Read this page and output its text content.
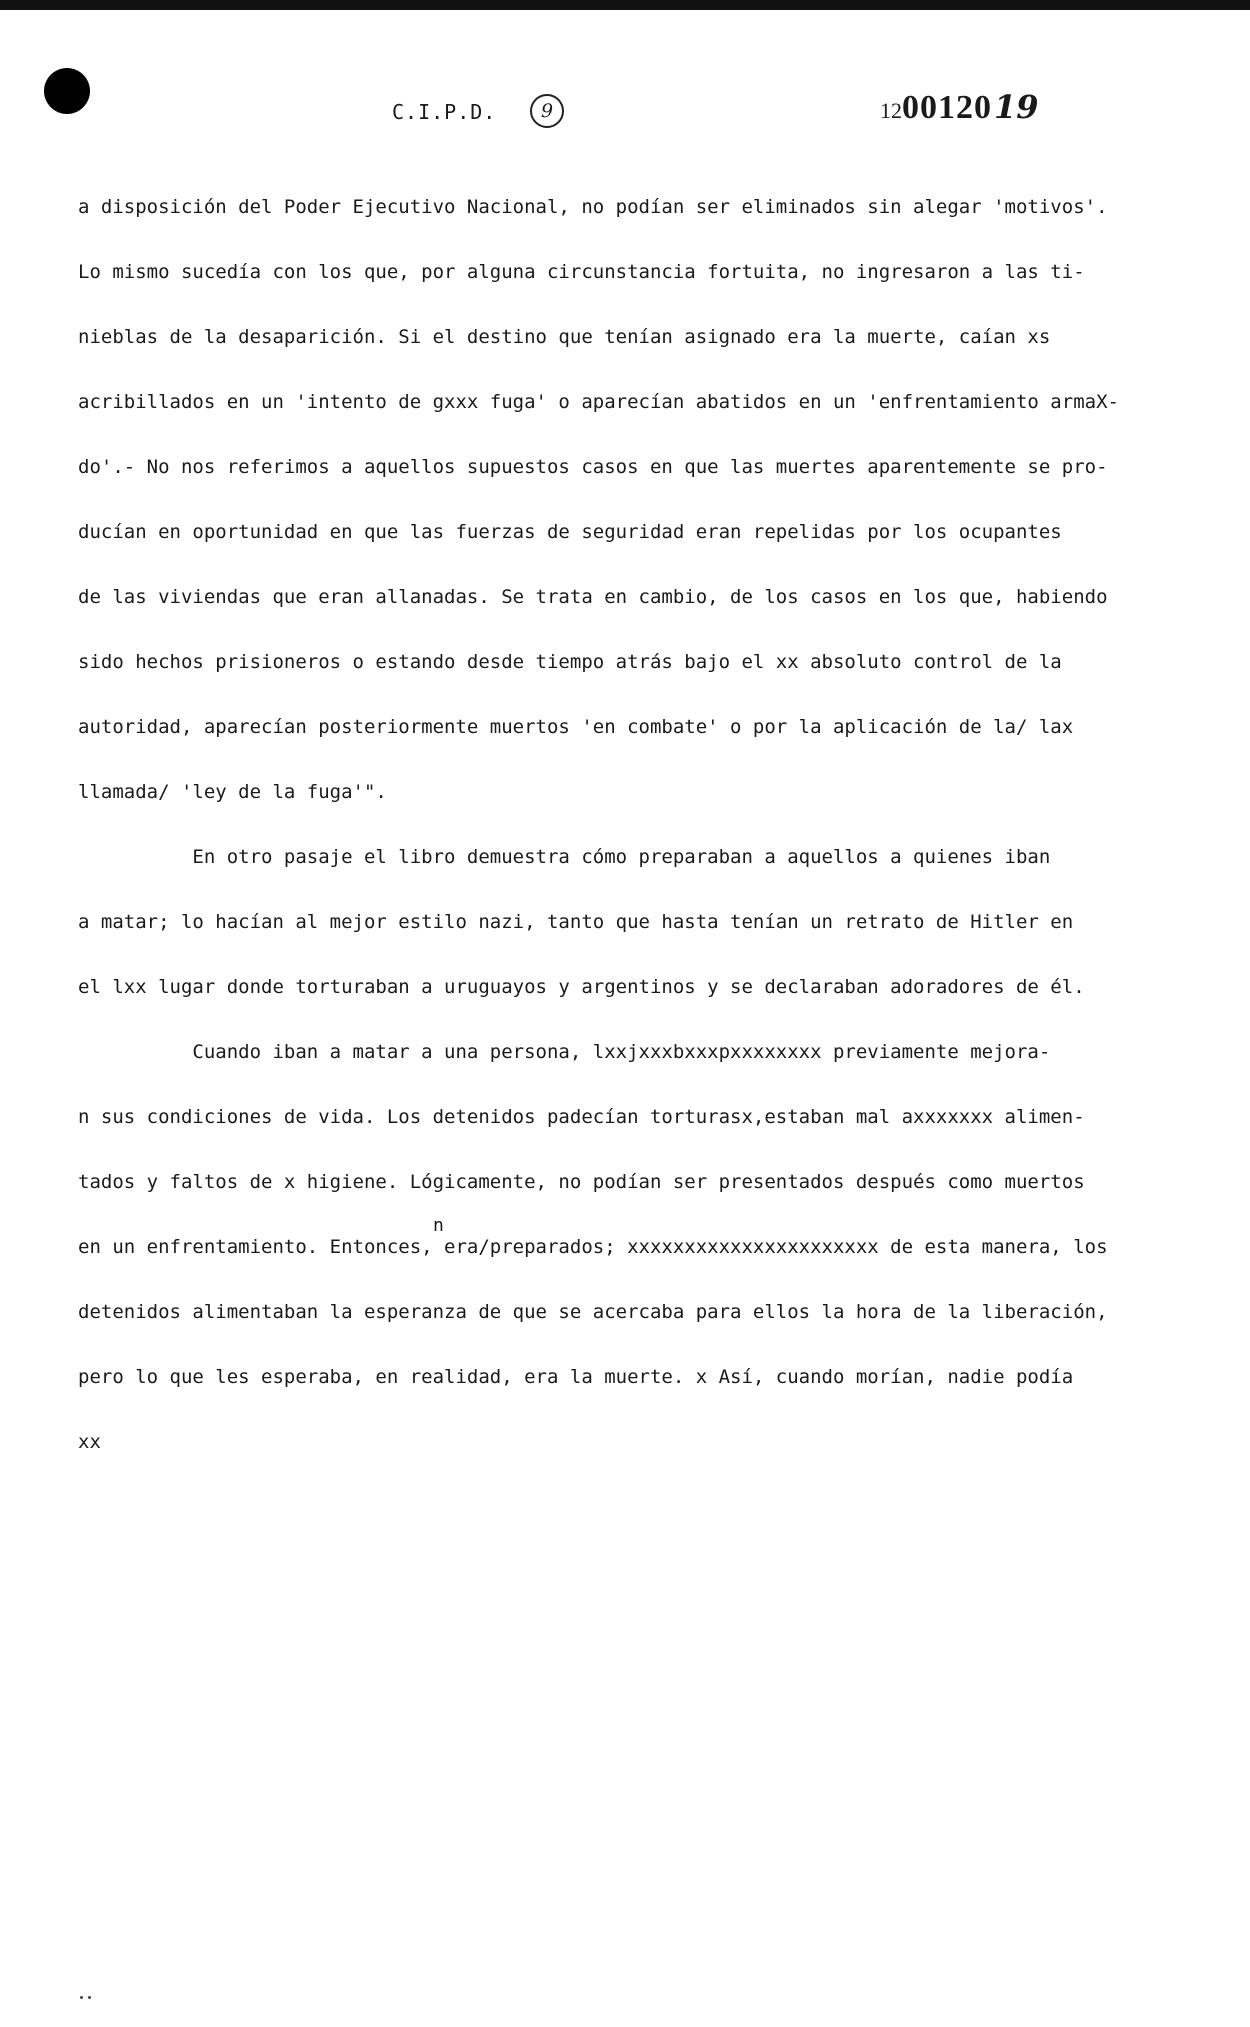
C.I.P.D.	9	120012019
a disposición del Poder Ejecutivo Nacional, no podían ser eliminados sin alegar 'motivos'.
Lo mismo sucedía con los que, por alguna circunstancia fortuita, no ingresaron a las ti-
nieblas de la desaparición. Si el destino que tenían asignado era la muerte, caían xs
acribillados en un 'intento de gxxx fuga' o aparecían abatidos en un 'enfrentamiento armaX-
do'.- No nos referimos a aquellos supuestos casos en que las muertes aparentemente se pro-
ducían en oportunidad en que las fuerzas de seguridad eran repelidas por los ocupantes
de las viviendas que eran allanadas. Se trata en cambio, de los casos en los que, habiendo
sido hechos prisioneros o estando desde tiempo atrás bajo el xx absoluto control de la
autoridad, aparecían posteriormente muertos 'en combate' o por la aplicación de la/ lax
llamada/ 'ley de la fuga'".
En otro pasaje el libro demuestra cómo preparaban a aquellos a quienes iban
a matar; lo hacían al mejor estilo nazi, tanto que hasta tenían un retrato de Hitler en
el lxx lugar donde torturaban a uruguayos y argentinos y se declaraban adoradores de él.
Cuando iban a matar a una persona, lxxjxxxbxxxpxxxxxxxx previamente mejora-
n sus condiciones de vida. Los detenidos padecían torturasx,estaban mal axxxxxxx alimen-
tados y faltos de x higiene. Lógicamente, no podían ser presentados después como muertos
n
en un enfrentamiento. Entonces, era/preparados; xxxxxxxxxxxxxxxxxxxxxx de esta manera, los
detenidos alimentaban la esperanza de que se acercaba para ellos la hora de la liberación,
pero lo que les esperaba, en realidad, era la muerte. x Así, cuando morían, nadie podía
xx
